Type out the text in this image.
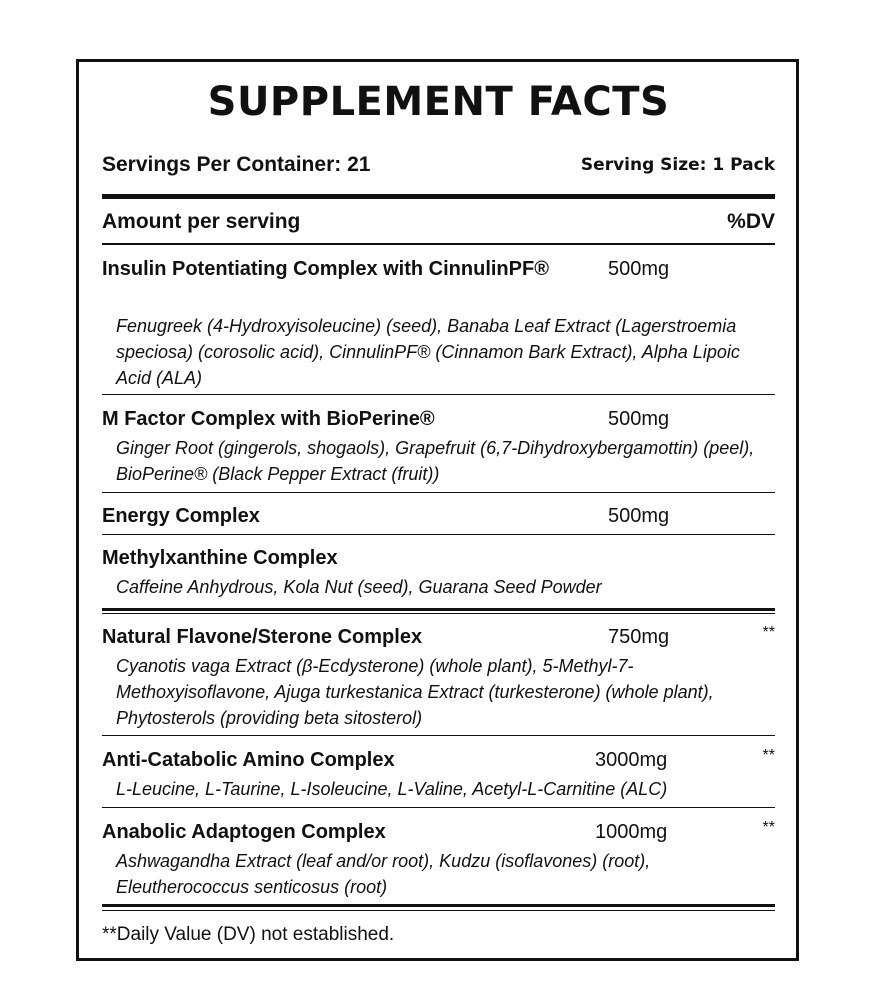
SUPPLEMENT FACTS
Servings Per Container: 21	Serving Size: 1 Pack
Amount per serving	%DV
Insulin Potentiating Complex with CinnulinPF®	500mg
Fenugreek (4-Hydroxyisoleucine) (seed), Banaba Leaf Extract (Lagerstroemia speciosa) (corosolic acid), CinnulinPF® (Cinnamon Bark Extract), Alpha Lipoic Acid (ALA)
M Factor Complex with BioPerine®	500mg
Ginger Root (gingerols, shogaols), Grapefruit (6,7-Dihydroxybergamottin) (peel), BioPerine® (Black Pepper Extract (fruit))
Energy Complex	500mg
Methylxanthine Complex
Caffeine Anhydrous, Kola Nut (seed), Guarana Seed Powder
Natural Flavone/Sterone Complex	750mg	**
Cyanotis vaga Extract (β-Ecdysterone) (whole plant), 5-Methyl-7-Methoxyisoflavone, Ajuga turkestanica Extract (turkesterone) (whole plant), Phytosterols (providing beta sitosterol)
Anti-Catabolic Amino Complex	3000mg	**
L-Leucine, L-Taurine, L-Isoleucine, L-Valine, Acetyl-L-Carnitine (ALC)
Anabolic Adaptogen Complex	1000mg	**
Ashwagandha Extract (leaf and/or root), Kudzu (isoflavones) (root), Eleutherococcus senticosus (root)
**Daily Value (DV) not established.
